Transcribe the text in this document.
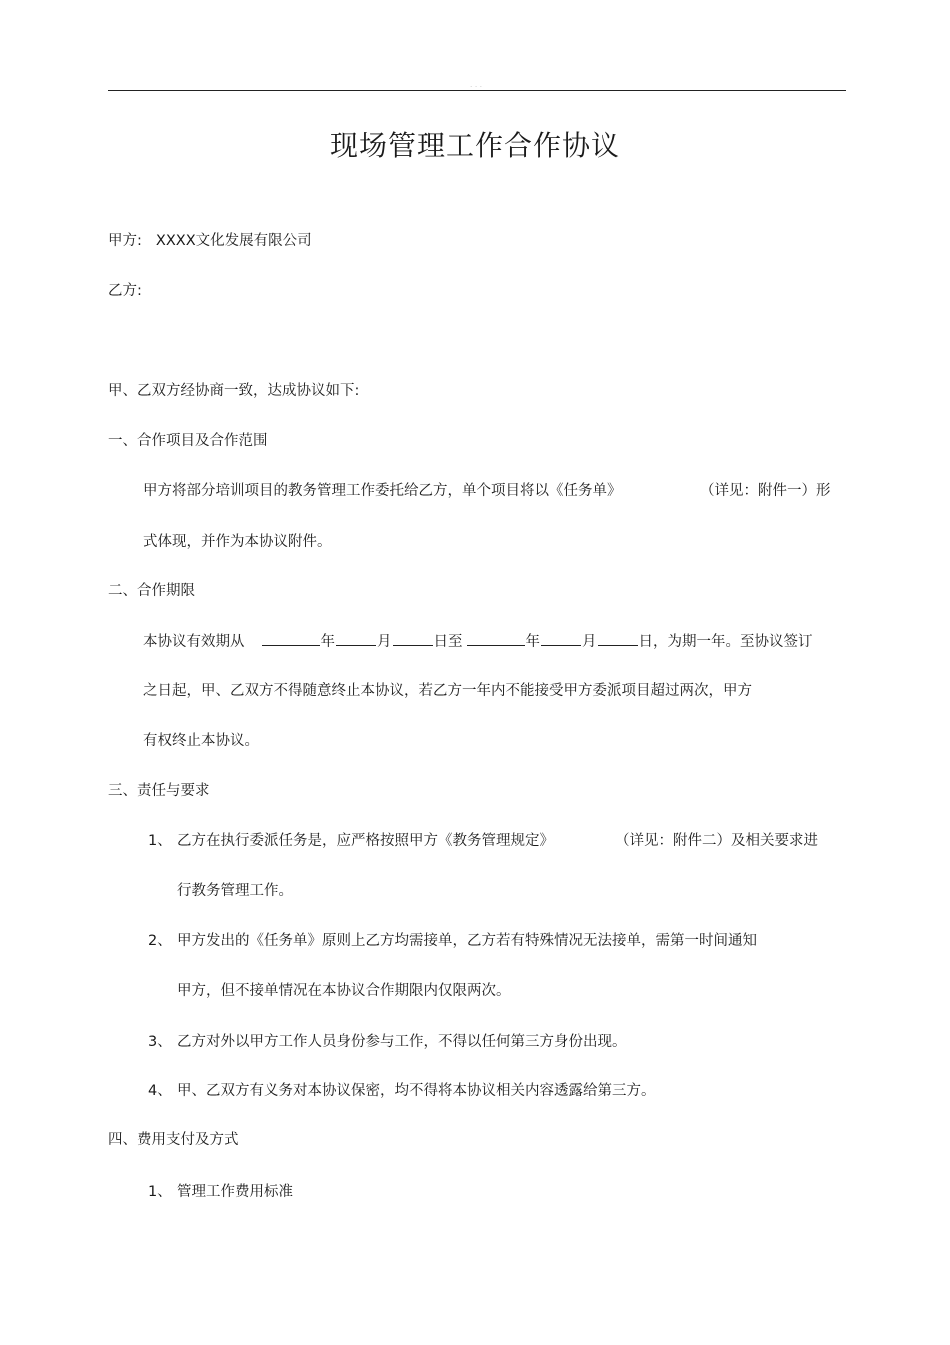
- - -
现场管理工作合作协议
甲方: XXXX文化发展有限公司
乙方:
甲、乙双方经协商一致，达成协议如下:
一、合作项目及合作范围
甲方将部分培训项目的教务管理工作委托给乙方，单个项目将以《任务单》	（详见：附件一）形
式体现，并作为本协议附件。
二、合作期限
本协议有效期从	年	月	日至	年	月	日，为期一年。至协议签订
之日起，甲、乙双方不得随意终止本协议，若乙方一年内不能接受甲方委派项目超过两次，甲方
有权终止本协议。
三、责任与要求
1、 乙方在执行委派任务是，应严格按照甲方《教务管理规定》	（详见：附件二）及相关要求进
行教务管理工作。
2、 甲方发出的《任务单》原则上乙方均需接单，乙方若有特殊情况无法接单，需第一时间通知
甲方，但不接单情况在本协议合作期限内仅限两次。
3、 乙方对外以甲方工作人员身份参与工作，不得以任何第三方身份出现。
4、 甲、乙双方有义务对本协议保密，均不得将本协议相关内容透露给第三方。
四、费用支付及方式
1、 管理工作费用标准
